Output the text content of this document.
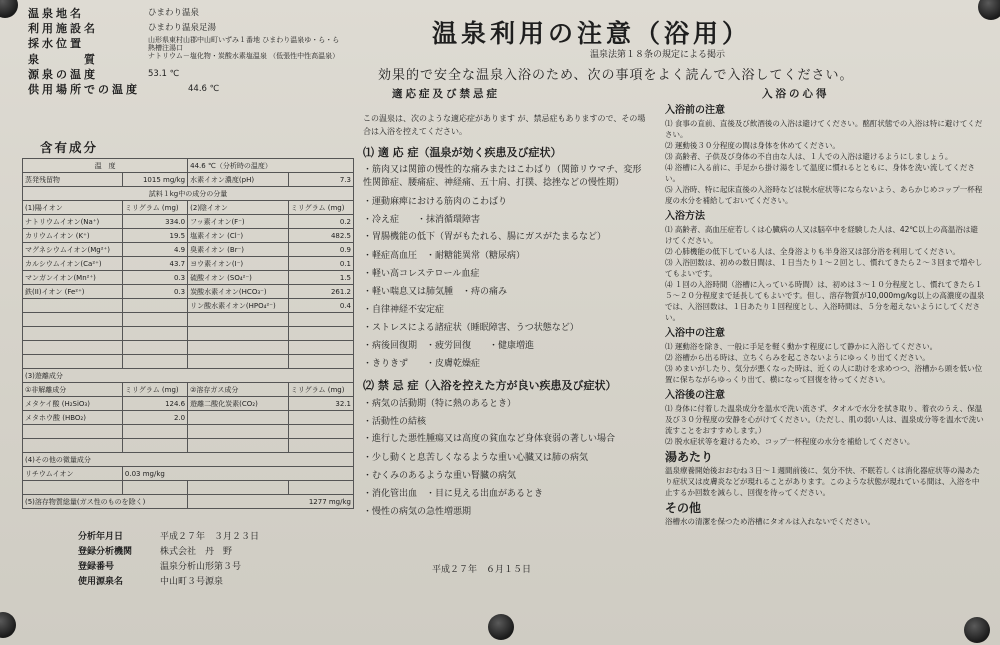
温泉地名	ひまわり温泉
利用施設名	ひまわり温泉足湯
採水位置	山形県東村山郡中山町いずみ１番地 ひまわり温泉ゆ・ら・ら　熱槽注湯口
泉　　　質	ナトリウム－塩化物・炭酸水素塩温泉 （低張性中性高温泉）
源泉の温度	53.1 ℃
供用場所での温度	44.6 ℃
含有成分
温　度		44.6 ℃（分析時の温度）	
蒸発残留物	1015 mg/kg	水素イオン濃度(pH)	7.3
試料１kg中の成分の分量			
(1)陽イオン	ミリグラム (mg)	(2)陰イオン	ミリグラム (mg)
ナトリウムイオン(Na⁺)	334.0	フッ素イオン(F⁻)	0.2
カリウムイオン (K⁺)	19.5	塩素イオン (Cl⁻)	482.5
マグネシウムイオン(Mg²⁺)	4.9	臭素イオン (Br⁻)	0.9
カルシウムイオン(Ca²⁺)	43.7	ヨウ素イオン(I⁻)	0.1
マンガンイオン(Mn²⁺)	0.3	硫酸イオン (SO₄²⁻)	1.5
鉄(II)イオン (Fe²⁺)	0.3	炭酸水素イオン(HCO₃⁻)	261.2
		リン酸水素イオン(HPO₄²⁻)	0.4

(3)遊離成分			
①非解離成分	ミリグラム (mg)	②溶存ガス成分	ミリグラム (mg)
メタケイ酸 (H₂SiO₃)	124.6	遊離二酸化炭素(CO₂)	32.1
メタホウ酸 (HBO₂)	2.0		

(4)その他の微量成分			
リチウムイオン	0.03 mg/kg		

(5)溶存物質総量(ガス性のものを除く)		1277 mg/kg	
分析年月日	平成２７年　３月２３日
登録分析機関	株式会社　丹　野
登録番号	温泉分析山形第３号
使用源泉名	中山町３号源泉
温泉利用の注意（浴用）
温泉法第１８条の規定による掲示
効果的で安全な温泉入浴のため、次の事項をよく読んで入浴してください。
適応症及び禁忌症
この温泉は、次のような適応症があります が、禁忌症もありますので、その場合は入浴を控えてください。
⑴ 適 応 症（温泉が効く疾患及び症状）
・筋肉又は関節の慢性的な痛みまたはこわばり（関節リウマチ、変形性関節症、腰痛症、神経痛、五十肩、打撲、捻挫などの慢性期）
・運動麻痺における筋肉のこわばり
・冷え症　　・抹消循環障害
・胃腸機能の低下（胃がもたれる、腸にガスがたまるなど）
・軽症高血圧　・耐糖能異常（糖尿病）
・軽い高コレステロール血症
・軽い喘息又は肺気腫　・痔の痛み
・自律神経不安定症
・ストレスによる諸症状（睡眠障害、うつ状態など）
・病後回復期　・疲労回復　　・健康増進
・きりきず　　・皮膚乾燥症
⑵ 禁 忌 症（入浴を控えた方が良い疾患及び症状）
・病気の活動期（特に熱のあるとき）
・活動性の結核
・進行した悪性腫瘍又は高度の貧血など身体衰弱の著しい場合
・少し動くと息苦しくなるような重い心臓又は肺の病気
・むくみのあるような重い腎臓の病気
・消化管出血　・目に見える出血があるとき
・慢性の病気の急性増悪期
平成２７年　６月１５日
入浴の心得
入浴前の注意

⑴ 食事の直前、直後及び飲酒後の入浴は避けてください。酩酊状態での入浴は特に避けてください。

⑵ 運動後３０分程度の間は身体を休めてください。

⑶ 高齢者、子供及び身体の不自由な人は、１人での入浴は避けるようにしましょう。

⑷ 浴槽に入る前に、手足から掛け湯をして温度に慣れるとともに、身体を洗い流してください。

⑸ 入浴時、特に起床直後の入浴時などは脱水症状等にならないよう、あらかじめコップ一杯程度の水分を補給しておいてください。

入浴方法

⑴ 高齢者、高血圧症若しくは心臓病の人又は脳卒中を経験した人は、42℃以上の高温浴は避けてください。

⑵ 心肺機能の低下している人は、全身浴よりも半身浴又は部分浴を利用してください。

⑶ 入浴回数は、初めの数日間は、１日当たり１～２回とし、慣れてきたら２～３回まで増やしてもよいです。

⑷ １回の入浴時間（浴槽に入っている時間）は、初めは３～１０分程度とし、慣れてきたら１５～２０分程度まで延長してもよいです。但し、溶存物質が10,000mg/kg以上の高濃度の温泉では、入浴回数は、１日あたり１回程度とし、入浴時間は、５分を超えないようにしてください。

入浴中の注意

⑴ 運動浴を除き、一般に手足を軽く動かす程度にして静かに入浴してください。

⑵ 浴槽から出る時は、立ちくらみを起こさないようにゆっくり出てください。

⑶ めまいがしたり、気分が悪くなった時は、近くの人に助けを求めつつ、浴槽から頭を低い位置に保ちながらゆっくり出て、横になって回復を待ってください。

入浴後の注意

⑴ 身体に付着した温泉成分を温水で洗い流さず、タオルで水分を拭き取り、着衣のうえ、保温及び３０分程度の安静を心がけてください。（ただし、肌の弱い人は、温泉成分等を温水で洗い流すことをおすすめします。）

⑵ 脱水症状等を避けるため、コップ一杯程度の水分を補給してください。

湯あたり

温泉療養開始後おおむね３日～１週間前後に、気分不快、不眠若しくは消化器症状等の湯あたり症状又は皮膚炎などが現れることがあります。このような状態が現れている間は、入浴を中止するか回数を減らし、回復を待ってください。

その他

浴槽水の清潔を保つため浴槽にタオルは入れないでください。
